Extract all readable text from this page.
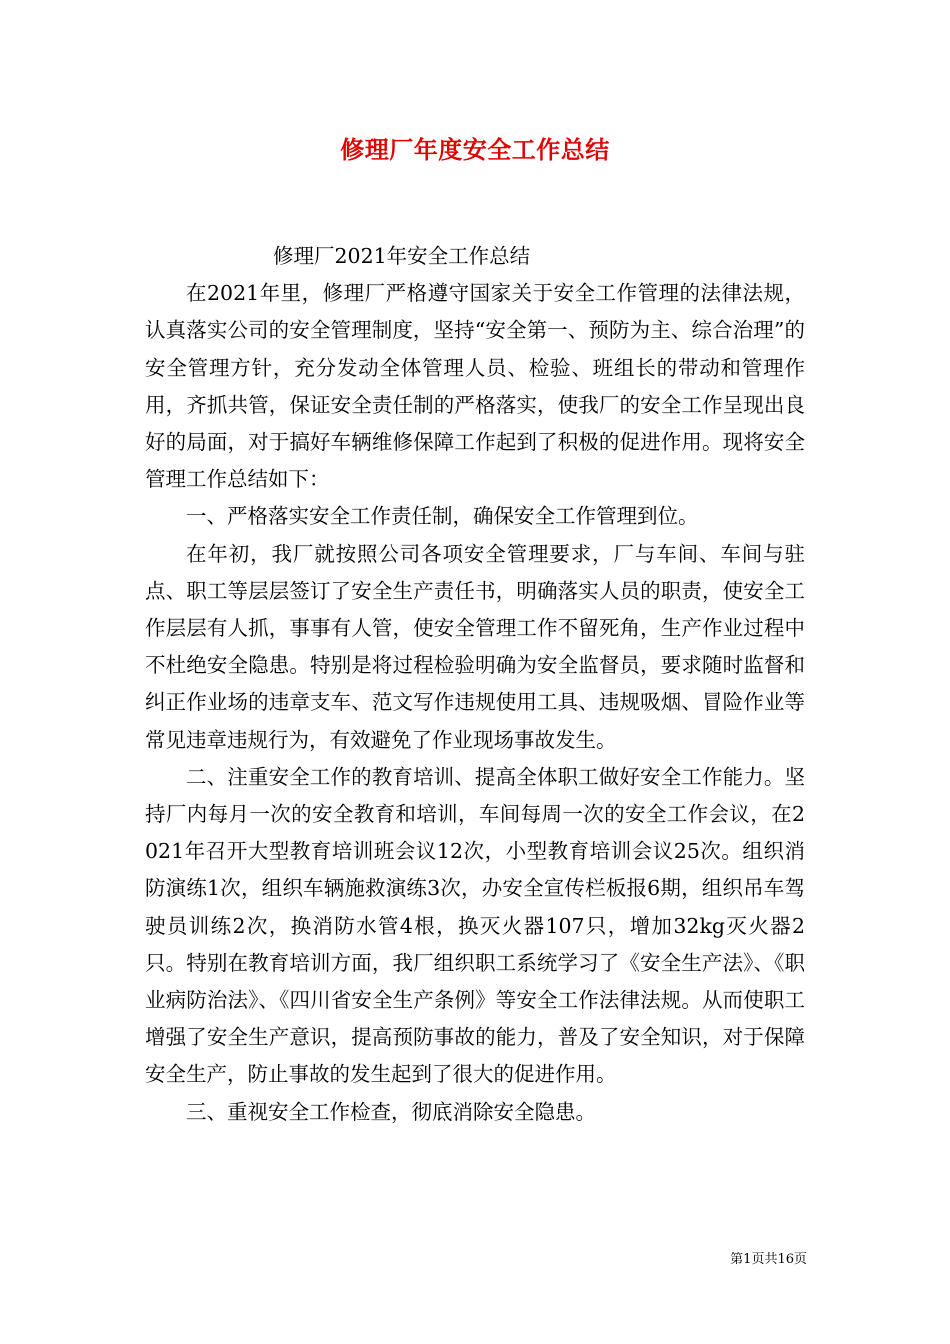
修理厂年度安全工作总结

修理厂2021年安全工作总结

在2021年里，修理厂严格遵守国家关于安全工作管理的法律法规，认真落实公司的安全管理制度，坚持“安全第一、预防为主、综合治理”的安全管理方针，充分发动全体管理人员、检验、班组长的带动和管理作用，齐抓共管，保证安全责任制的严格落实，使我厂的安全工作呈现出良好的局面，对于搞好车辆维修保障工作起到了积极的促进作用。现将安全管理工作总结如下：

一、严格落实安全工作责任制，确保安全工作管理到位。

在年初，我厂就按照公司各项安全管理要求，厂与车间、车间与驻点、职工等层层签订了安全生产责任书，明确落实人员的职责，使安全工作层层有人抓，事事有人管，使安全管理工作不留死角，生产作业过程中不杜绝安全隐患。特别是将过程检验明确为安全监督员，要求随时监督和纠正作业场的违章支车、范文写作违规使用工具、违规吸烟、冒险作业等常见违章违规行为，有效避免了作业现场事故发生。

二、注重安全工作的教育培训、提高全体职工做好安全工作能力。坚持厂内每月一次的安全教育和培训，车间每周一次的安全工作会议，在2021年召开大型教育培训班会议12次，小型教育培训会议25次。组织消防演练1次，组织车辆施救演练3次，办安全宣传栏板报6期，组织吊车驾驶员训练2次，换消防水管4根，换灭火器107只，增加32kg灭火器2只。特别在教育培训方面，我厂组织职工系统学习了《安全生产法》、《职业病防治法》、《四川省安全生产条例》等安全工作法律法规。从而使职工增强了安全生产意识，提高预防事故的能力，普及了安全知识，对于保障安全生产，防止事故的发生起到了很大的促进作用。

三、重视安全工作检查，彻底消除安全隐患。

第1页共16页
